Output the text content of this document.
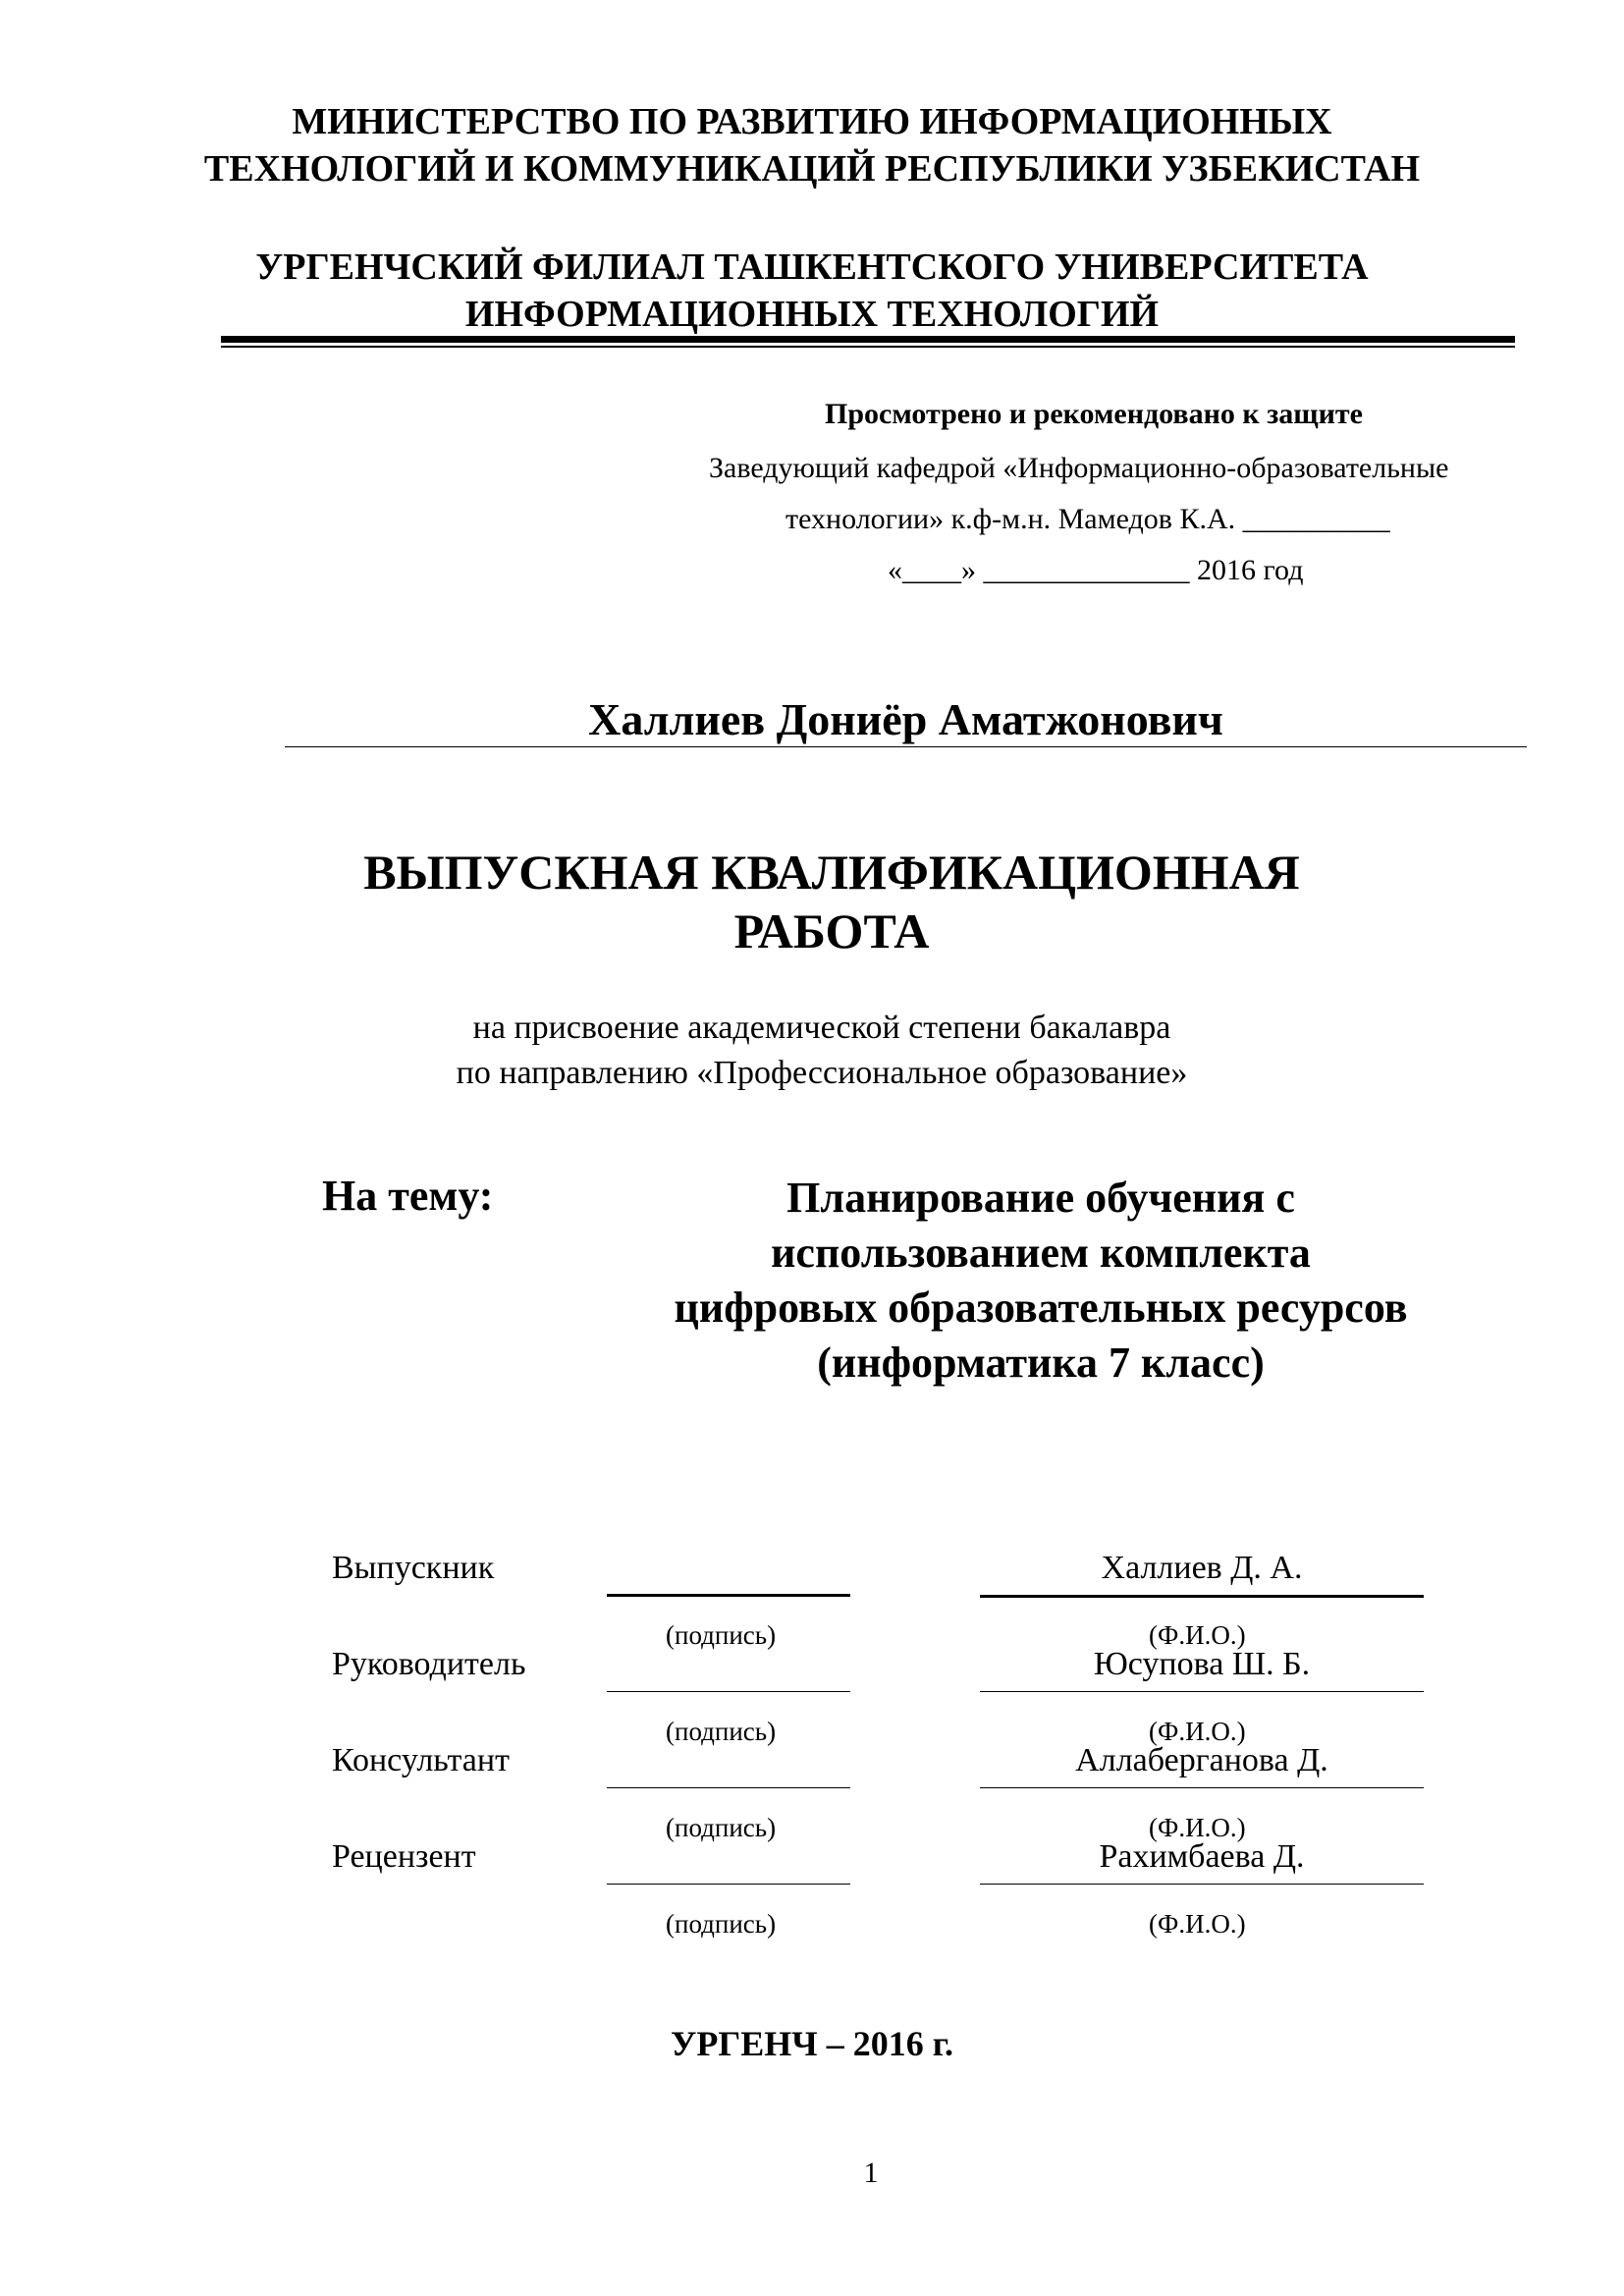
МИНИСТЕРСТВО ПО РАЗВИТИЮ ИНФОРМАЦИОННЫХ
ТЕХНОЛОГИЙ И КОММУНИКАЦИЙ РЕСПУБЛИКИ УЗБЕКИСТАН
УРГЕНЧСКИЙ ФИЛИАЛ ТАШКЕНТСКОГО УНИВЕРСИТЕТА
ИНФОРМАЦИОННЫХ ТЕХНОЛОГИЙ
Просмотрено и рекомендовано к защите
Заведующий кафедрой «Информационно-образовательные
технологии» к.ф-м.н. Мамедов К.А. __________
«____» ______________ 2016 год
Халлиев Дониёр Аматжонович
ВЫПУСКНАЯ КВАЛИФИКАЦИОННАЯ
РАБОТА
на присвоение академической степени бакалавра
по направлению «Профессиональное образование»
На тему:	Планирование обучения с
использованием комплекта
цифровых образовательных ресурсов
(информатика 7 класс)
Выпускник	Халлиев Д. А.
(подпись)	(Ф.И.О.)
Руководитель	Юсупова Ш. Б.
(подпись)	(Ф.И.О.)
Консультант	Аллаберганова Д.
(подпись)	(Ф.И.О.)
Рецензент	Рахимбаева Д.
(подпись)	(Ф.И.О.)
УРГЕНЧ – 2016 г.
1
